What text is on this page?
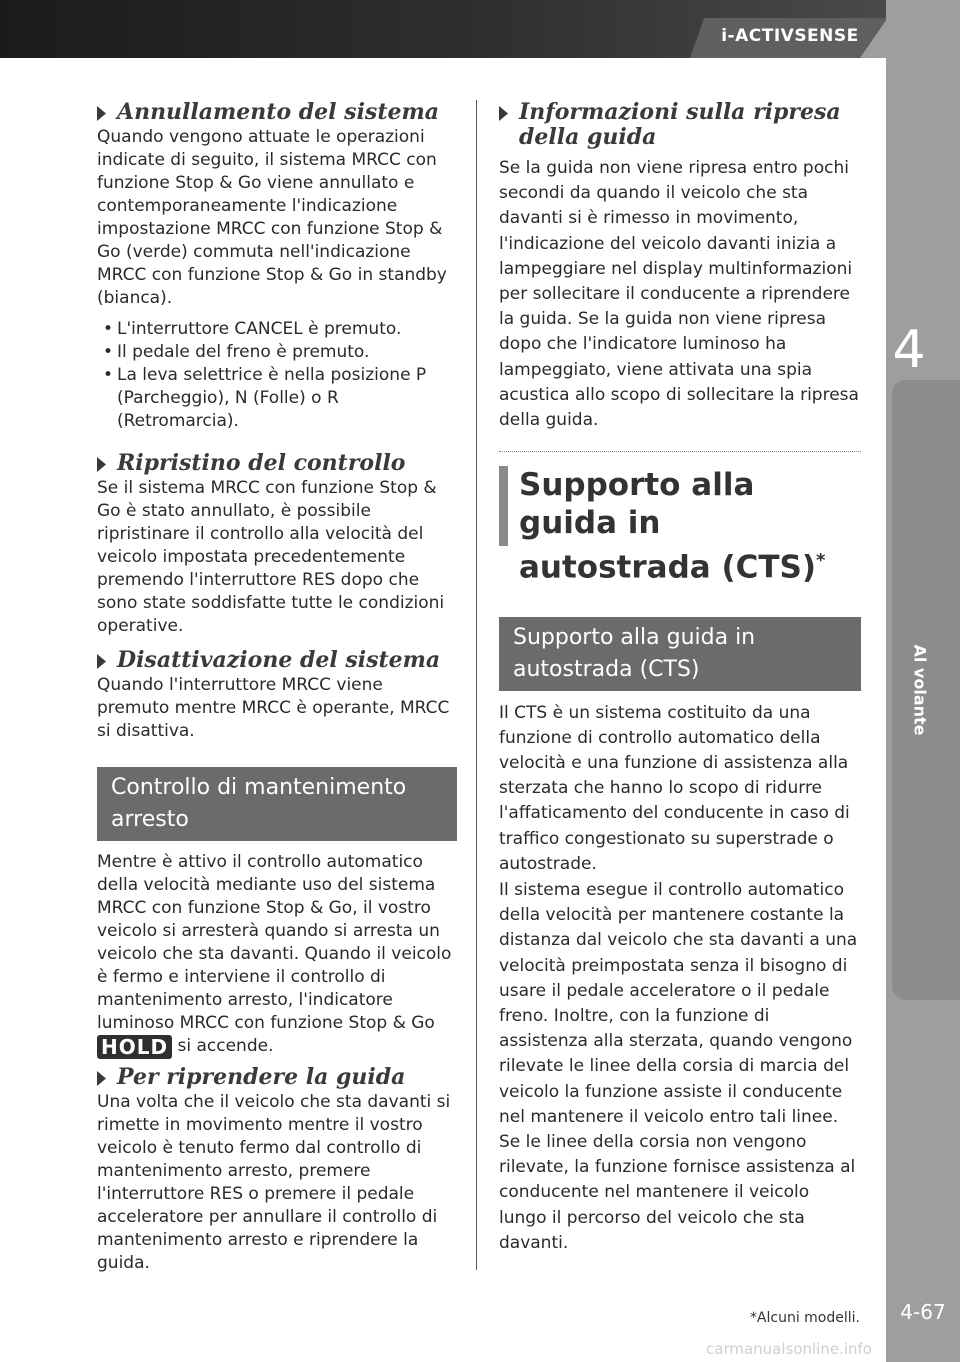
i-ACTIVSENSE
4
Al volante
4-67
Annullamento del sistema
Quando vengono attuate le operazioni indicate di seguito, il sistema MRCC con funzione Stop & Go viene annullato e contemporaneamente l'indicazione impostazione MRCC con funzione Stop & Go (verde) commuta nell'indicazione MRCC con funzione Stop & Go in standby (bianca).
• L'interruttore CANCEL è premuto.
• Il pedale del freno è premuto.
• La leva selettrice è nella posizione P (Parcheggio), N (Folle) o R (Retromarcia).
Ripristino del controllo
Se il sistema MRCC con funzione Stop & Go è stato annullato, è possibile ripristinare il controllo alla velocità del veicolo impostata precedentemente premendo l'interruttore RES dopo che sono state soddisfatte tutte le condizioni operative.
Disattivazione del sistema
Quando l'interruttore MRCC viene premuto mentre MRCC è operante, MRCC si disattiva.
Controllo di mantenimento arresto
Mentre è attivo il controllo automatico della velocità mediante uso del sistema MRCC con funzione Stop & Go, il vostro veicolo si arresterà quando si arresta un veicolo che sta davanti. Quando il veicolo è fermo e interviene il controllo di mantenimento arresto, l'indicatore luminoso MRCC con funzione Stop & Go HOLD si accende.
Per riprendere la guida
Una volta che il veicolo che sta davanti si rimette in movimento mentre il vostro veicolo è tenuto fermo dal controllo di mantenimento arresto, premere l'interruttore RES o premere il pedale acceleratore per annullare il controllo di mantenimento arresto e riprendere la guida.
Informazioni sulla ripresa della guida
Se la guida non viene ripresa entro pochi secondi da quando il veicolo che sta davanti si è rimesso in movimento, l'indicazione del veicolo davanti inizia a lampeggiare nel display multinformazioni per sollecitare il conducente a riprendere la guida. Se la guida non viene ripresa dopo che l'indicatore luminoso ha lampeggiato, viene attivata una spia acustica allo scopo di sollecitare la ripresa della guida.
Supporto alla guida in autostrada (CTS)*
Supporto alla guida in autostrada (CTS)
Il CTS è un sistema costituito da una funzione di controllo automatico della velocità e una funzione di assistenza alla sterzata che hanno lo scopo di ridurre l'affaticamento del conducente in caso di traffico congestionato su superstrade o autostrade.
Il sistema esegue il controllo automatico della velocità per mantenere costante la distanza dal veicolo che sta davanti a una velocità preimpostata senza il bisogno di usare il pedale acceleratore o il pedale freno. Inoltre, con la funzione di assistenza alla sterzata, quando vengono rilevate le linee della corsia di marcia del veicolo la funzione assiste il conducente nel mantenere il veicolo entro tali linee. Se le linee della corsia non vengono rilevate, la funzione fornisce assistenza al conducente nel mantenere il veicolo lungo il percorso del veicolo che sta davanti.
*Alcuni modelli.
carmanualsonline.info
